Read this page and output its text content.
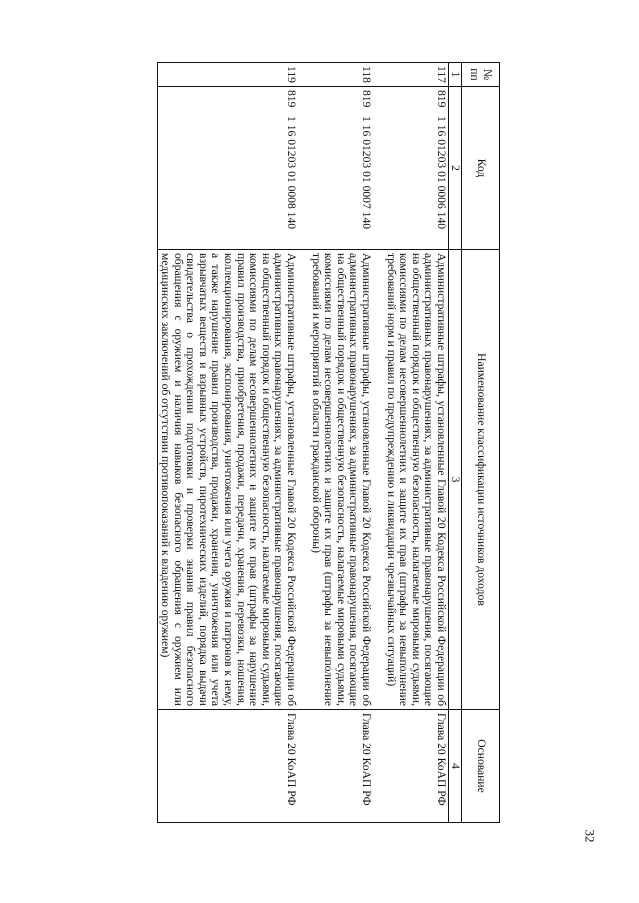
32
№ пп	Код	Наименование классификации источников доходов	Основание
1	2	3	4
117	8191 16 01203 01 0006 140	Административные штрафы, установленные Главой 20 Кодекса Российской Федерации об административных правонарушениях, за административные правонарушения, посягающие на общественный порядок и общественную безопасность, налагаемые мировыми судьями, комиссиями по делам несовершеннолетних и защите их прав (штрафы за невыполнение требований норм и правил по предупреждению и ликвидации чрезвычайных ситуаций)	Глава 20 КоАП РФ

118	8191 16 01203 01 0007 140	Административные штрафы, установленные Главой 20 Кодекса Российской Федерации об административных правонарушениях, за административные правонарушения, посягающие на общественный порядок и общественную безопасность, налагаемые мировыми судьями, комиссиями по делам несовершеннолетних и защите их прав (штрафы за невыполнение требований и мероприятий в области гражданской обороны)	Глава 20 КоАП РФ

119	8191 16 01203 01 0008 140	Административные штрафы, установленные Главой 20 Кодекса Российской Федерации об административных правонарушениях, за административные правонарушения, посягающие на общественный порядок и общественную безопасность, налагаемые мировыми судьями, комиссиями по делам несовершеннолетних и защите их прав (штрафы за нарушение правил производства, приобретения, продажи, передачи, хранения, перевозки, ношения, коллекционирования, экспонирования, уничтожения или учета оружия и патронов к нему, а также нарушение правил производства, продажи, хранения, уничтожения или учета взрывчатых веществ и взрывных устройств, пиротехнических изделий, порядка выдачи свидетельства о прохождении подготовки и проверки знания правил безопасного обращения с оружием и наличия навыков безопасного обращения с оружием или медицинских заключений об отсутствии противопоказаний к владению оружием)	Глава 20 КоАП РФ
